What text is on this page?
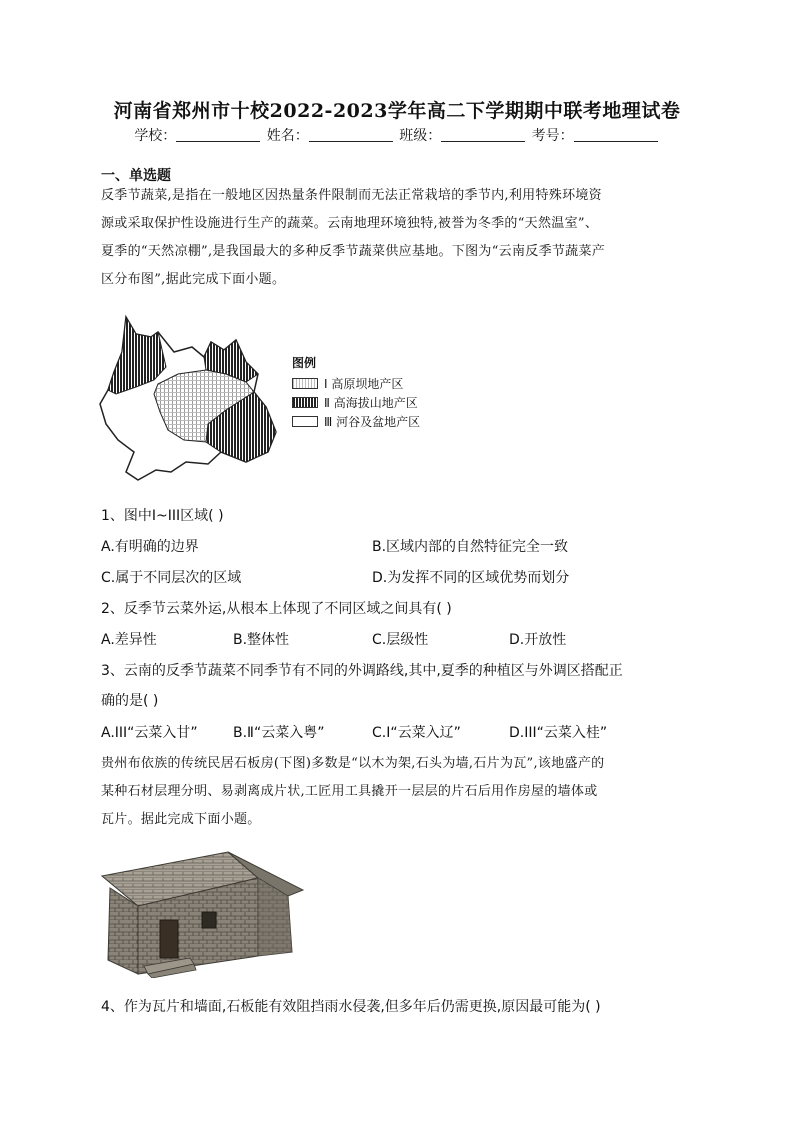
河南省郑州市十校2022-2023学年高二下学期期中联考地理试卷
学校：	姓名：	班级：	考号：
一、单选题
反季节蔬菜,是指在一般地区因热量条件限制而无法正常栽培的季节内,利用特殊环境资
源或采取保护性设施进行生产的蔬菜。云南地理环境独特,被誉为冬季的“天然温室”、
夏季的“天然凉棚”,是我国最大的多种反季节蔬菜供应基地。下图为“云南反季节蔬菜产
区分布图”,据此完成下面小题。
图例
Ⅰ 高原坝地产区
Ⅱ 高海拔山地产区
Ⅲ 河谷及盆地产区
1、图中Ⅰ~III区域( )
A.有明确的边界	B.区域内部的自然特征完全一致
C.属于不同层次的区域	D.为发挥不同的区域优势而划分
2、反季节云菜外运,从根本上体现了不同区域之间具有( )
A.差异性	B.整体性	C.层级性	D.开放性
3、云南的反季节蔬菜不同季节有不同的外调路线,其中,夏季的种植区与外调区搭配正
确的是( )
A.III“云菜入甘”	B.Ⅱ“云菜入粤”	C.Ⅰ“云菜入辽”	D.III“云菜入桂”
贵州布依族的传统民居石板房(下图)多数是“以木为架,石头为墙,石片为瓦”,该地盛产的
某种石材层理分明、易剥离成片状,工匠用工具撬开一层层的片石后用作房屋的墙体或
瓦片。据此完成下面小题。
4、作为瓦片和墙面,石板能有效阻挡雨水侵袭,但多年后仍需更换,原因最可能为( )
